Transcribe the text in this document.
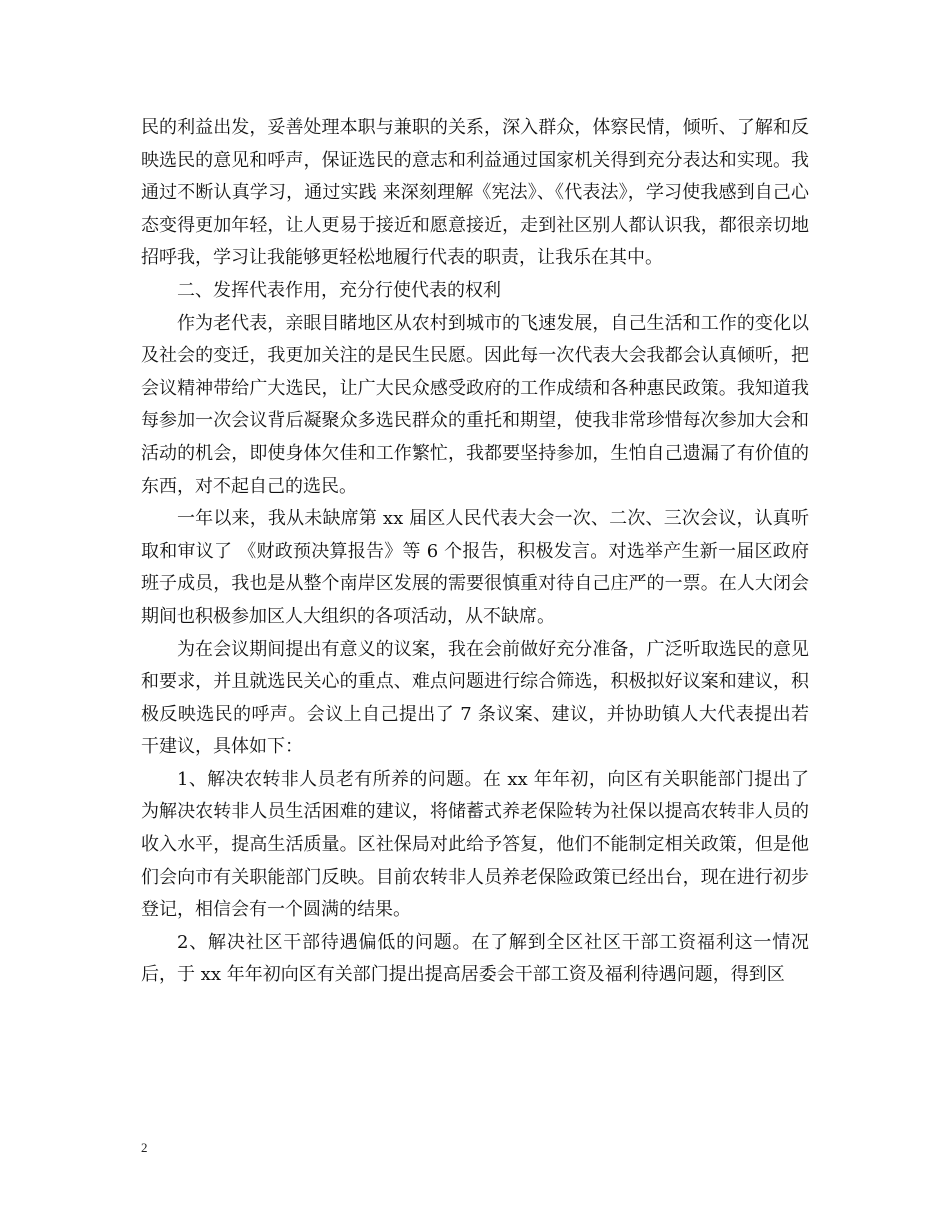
民的利益出发，妥善处理本职与兼职的关系，深入群众，体察民情，倾听、了解和反映选民的意见和呼声，保证选民的意志和利益通过国家机关得到充分表达和实现。我通过不断认真学习，通过实践 来深刻理解《宪法》、《代表法》，学习使我感到自己心态变得更加年轻，让人更易于接近和愿意接近，走到社区别人都认识我，都很亲切地招呼我，学习让我能够更轻松地履行代表的职责，让我乐在其中。

二、发挥代表作用，充分行使代表的权利

作为老代表，亲眼目睹地区从农村到城市的飞速发展，自己生活和工作的变化以及社会的变迁，我更加关注的是民生民愿。因此每一次代表大会我都会认真倾听，把会议精神带给广大选民，让广大民众感受政府的工作成绩和各种惠民政策。我知道我每参加一次会议背后凝聚众多选民群众的重托和期望，使我非常珍惜每次参加大会和活动的机会，即使身体欠佳和工作繁忙，我都要坚持参加，生怕自己遗漏了有价值的东西，对不起自己的选民。

一年以来，我从未缺席第 xx 届区人民代表大会一次、二次、三次会议，认真听取和审议了 《财政预决算报告》等 6 个报告，积极发言。对选举产生新一届区政府班子成员，我也是从整个南岸区发展的需要很慎重对待自己庄严的一票。在人大闭会期间也积极参加区人大组织的各项活动，从不缺席。

为在会议期间提出有意义的议案，我在会前做好充分准备，广泛听取选民的意见和要求，并且就选民关心的重点、难点问题进行综合筛选，积极拟好议案和建议，积极反映选民的呼声。会议上自己提出了 7 条议案、建议，并协助镇人大代表提出若干建议，具体如下：

1、解决农转非人员老有所养的问题。在 xx 年年初，向区有关职能部门提出了为解决农转非人员生活困难的建议，将储蓄式养老保险转为社保以提高农转非人员的收入水平，提高生活质量。区社保局对此给予答复，他们不能制定相关政策，但是他们会向市有关职能部门反映。目前农转非人员养老保险政策已经出台，现在进行初步登记，相信会有一个圆满的结果。

2、解决社区干部待遇偏低的问题。在了解到全区社区干部工资福利这一情况后，于 xx 年年初向区有关部门提出提高居委会干部工资及福利待遇问题，得到区

2
